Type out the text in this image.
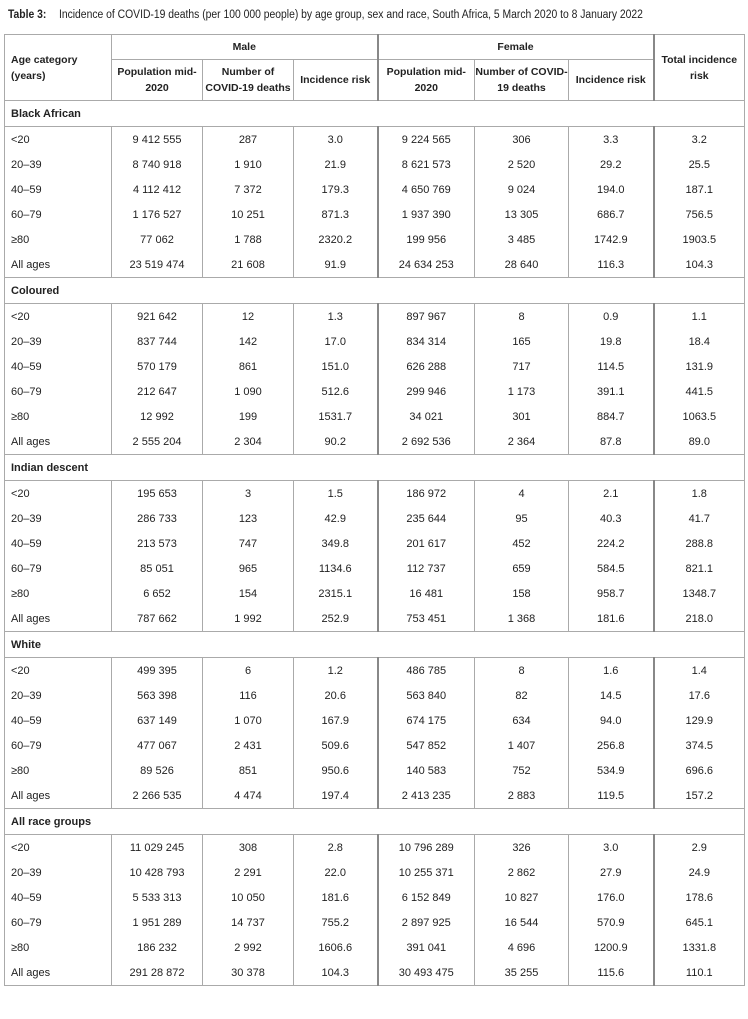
Table 3: Incidence of COVID-19 deaths (per 100 000 people) by age group, sex and race, South Africa, 5 March 2020 to 8 January 2022
Age category (years)	Male			Female			Total incidence risk
	Population mid-2020	Number of COVID-19 deaths	Incidence risk	Population mid-2020	Number of COVID-19 deaths	Incidence risk	
Black African							
<20	9 412 555	287	3.0	9 224 565	306	3.3	3.2
20–39	8 740 918	1 910	21.9	8 621 573	2 520	29.2	25.5
40–59	4 112 412	7 372	179.3	4 650 769	9 024	194.0	187.1
60–79	1 176 527	10 251	871.3	1 937 390	13 305	686.7	756.5
≥80	77 062	1 788	2320.2	199 956	3 485	1742.9	1903.5
All ages	23 519 474	21 608	91.9	24 634 253	28 640	116.3	104.3
Coloured							
<20	921 642	12	1.3	897 967	8	0.9	1.1
20–39	837 744	142	17.0	834 314	165	19.8	18.4
40–59	570 179	861	151.0	626 288	717	114.5	131.9
60–79	212 647	1 090	512.6	299 946	1 173	391.1	441.5
≥80	12 992	199	1531.7	34 021	301	884.7	1063.5
All ages	2 555 204	2 304	90.2	2 692 536	2 364	87.8	89.0
Indian descent							
<20	195 653	3	1.5	186 972	4	2.1	1.8
20–39	286 733	123	42.9	235 644	95	40.3	41.7
40–59	213 573	747	349.8	201 617	452	224.2	288.8
60–79	85 051	965	1134.6	112 737	659	584.5	821.1
≥80	6 652	154	2315.1	16 481	158	958.7	1348.7
All ages	787 662	1 992	252.9	753 451	1 368	181.6	218.0
White							
<20	499 395	6	1.2	486 785	8	1.6	1.4
20–39	563 398	116	20.6	563 840	82	14.5	17.6
40–59	637 149	1 070	167.9	674 175	634	94.0	129.9
60–79	477 067	2 431	509.6	547 852	1 407	256.8	374.5
≥80	89 526	851	950.6	140 583	752	534.9	696.6
All ages	2 266 535	4 474	197.4	2 413 235	2 883	119.5	157.2
All race groups							
<20	11 029 245	308	2.8	10 796 289	326	3.0	2.9
20–39	10 428 793	2 291	22.0	10 255 371	2 862	27.9	24.9
40–59	5 533 313	10 050	181.6	6 152 849	10 827	176.0	178.6
60–79	1 951 289	14 737	755.2	2 897 925	16 544	570.9	645.1
≥80	186 232	2 992	1606.6	391 041	4 696	1200.9	1331.8
All ages	291 28 872	30 378	104.3	30 493 475	35 255	115.6	110.1
